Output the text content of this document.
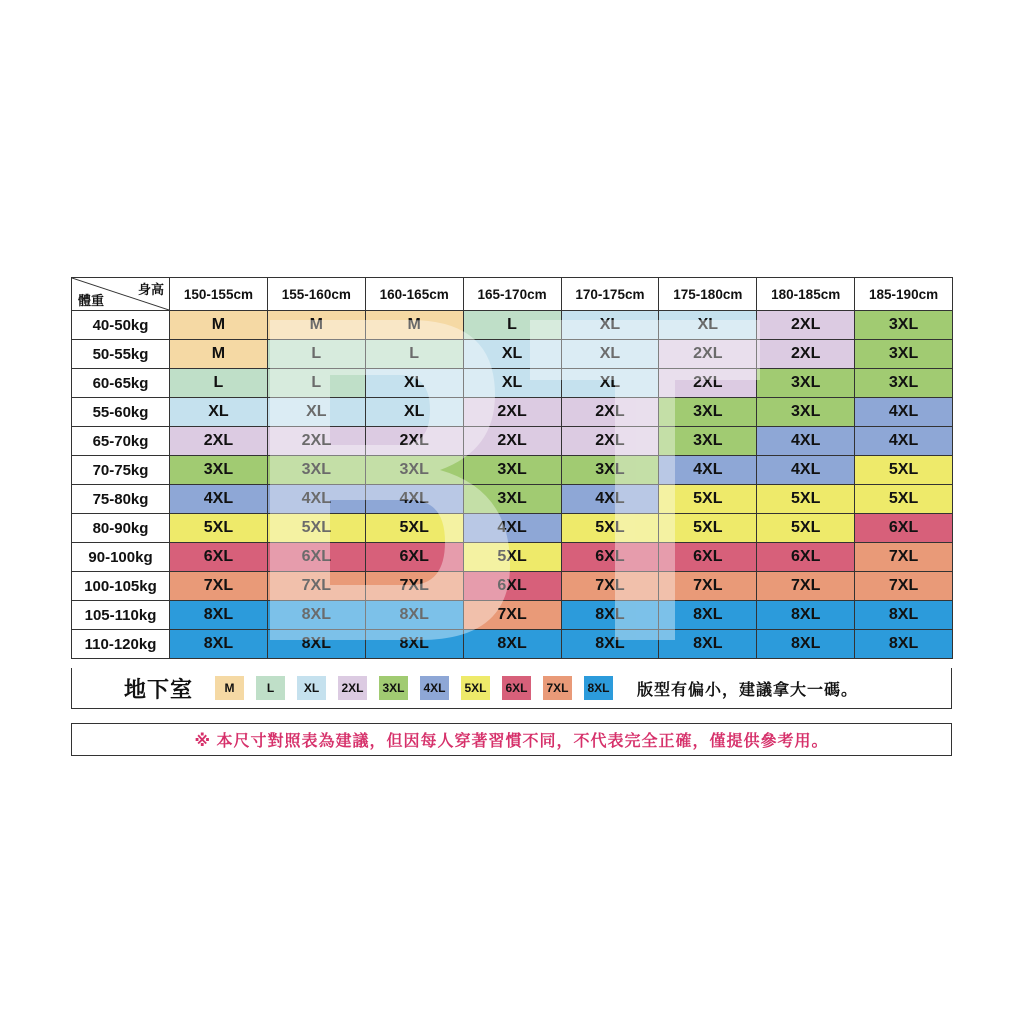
身高
體重	150-155cm	155-160cm	160-165cm	165-170cm	170-175cm	175-180cm	180-185cm	185-190cm
40-50kg	M	M	M	L	XL	XL	2XL	3XL
50-55kg	M	L	L	XL	XL	2XL	2XL	3XL
60-65kg	L	L	XL	XL	XL	2XL	3XL	3XL
55-60kg	XL	XL	XL	2XL	2XL	3XL	3XL	4XL
65-70kg	2XL	2XL	2XL	2XL	2XL	3XL	4XL	4XL
70-75kg	3XL	3XL	3XL	3XL	3XL	4XL	4XL	5XL
75-80kg	4XL	4XL	4XL	3XL	4XL	5XL	5XL	5XL
80-90kg	5XL	5XL	5XL	4XL	5XL	5XL	5XL	6XL
90-100kg	6XL	6XL	6XL	5XL	6XL	6XL	6XL	7XL
100-105kg	7XL	7XL	7XL	6XL	7XL	7XL	7XL	7XL
105-110kg	8XL	8XL	8XL	7XL	8XL	8XL	8XL	8XL
110-120kg	8XL	8XL	8XL	8XL	8XL	8XL	8XL	8XL
地下室	M	L	XL	2XL 3XL 4XL 5XL 6XL 7XL 8XL 版型有偏小，建議拿大一碼。
※ 本尺寸對照表為建議，但因每人穿著習慣不同，不代表完全正確，僅提供參考用。
